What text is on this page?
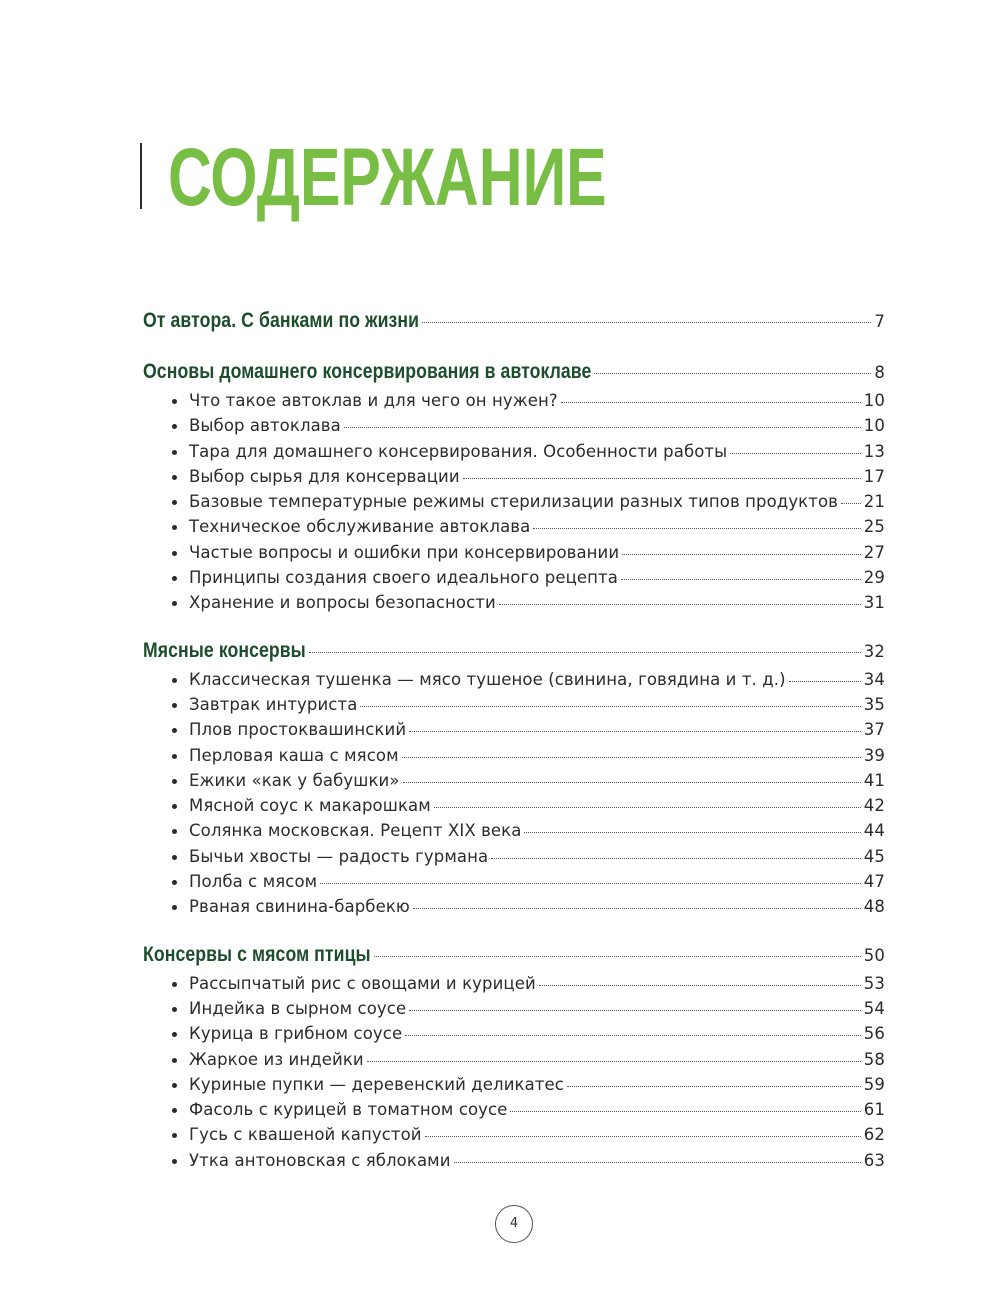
СОДЕРЖАНИЕ
От автора. С банками по жизни	7
Основы домашнего консервирования в автоклаве	8
Что такое автоклав и для чего он нужен?	10
Выбор автоклава	10
Тара для домашнего консервирования. Особенности работы	13
Выбор сырья для консервации	17
Базовые температурные режимы стерилизации разных типов продуктов 21
Техническое обслуживание автоклава	25
Частые вопросы и ошибки при консервировании	27
Принципы создания своего идеального рецепта	29
Хранение и вопросы безопасности	31
Мясные консервы	32
Классическая тушенка — мясо тушеное (свинина, говядина и т. д.)	34
Завтрак интуриста	35
Плов простоквашинский	37
Перловая каша с мясом	39
Ежики «как у бабушки»	41
Мясной соус к макарошкам	42
Солянка московская. Рецепт XIX века	44
Бычьи хвосты — радость гурмана	45
Полба с мясом	47
Рваная свинина-барбекю	48
Консервы с мясом птицы	50
Рассыпчатый рис с овощами и курицей	53
Индейка в сырном соусе	54
Курица в грибном соусе	56
Жаркое из индейки	58
Куриные пупки — деревенский деликатес	59
Фасоль с курицей в томатном соусе	61
Гусь с квашеной капустой	62
Утка антоновская с яблоками	63
4
